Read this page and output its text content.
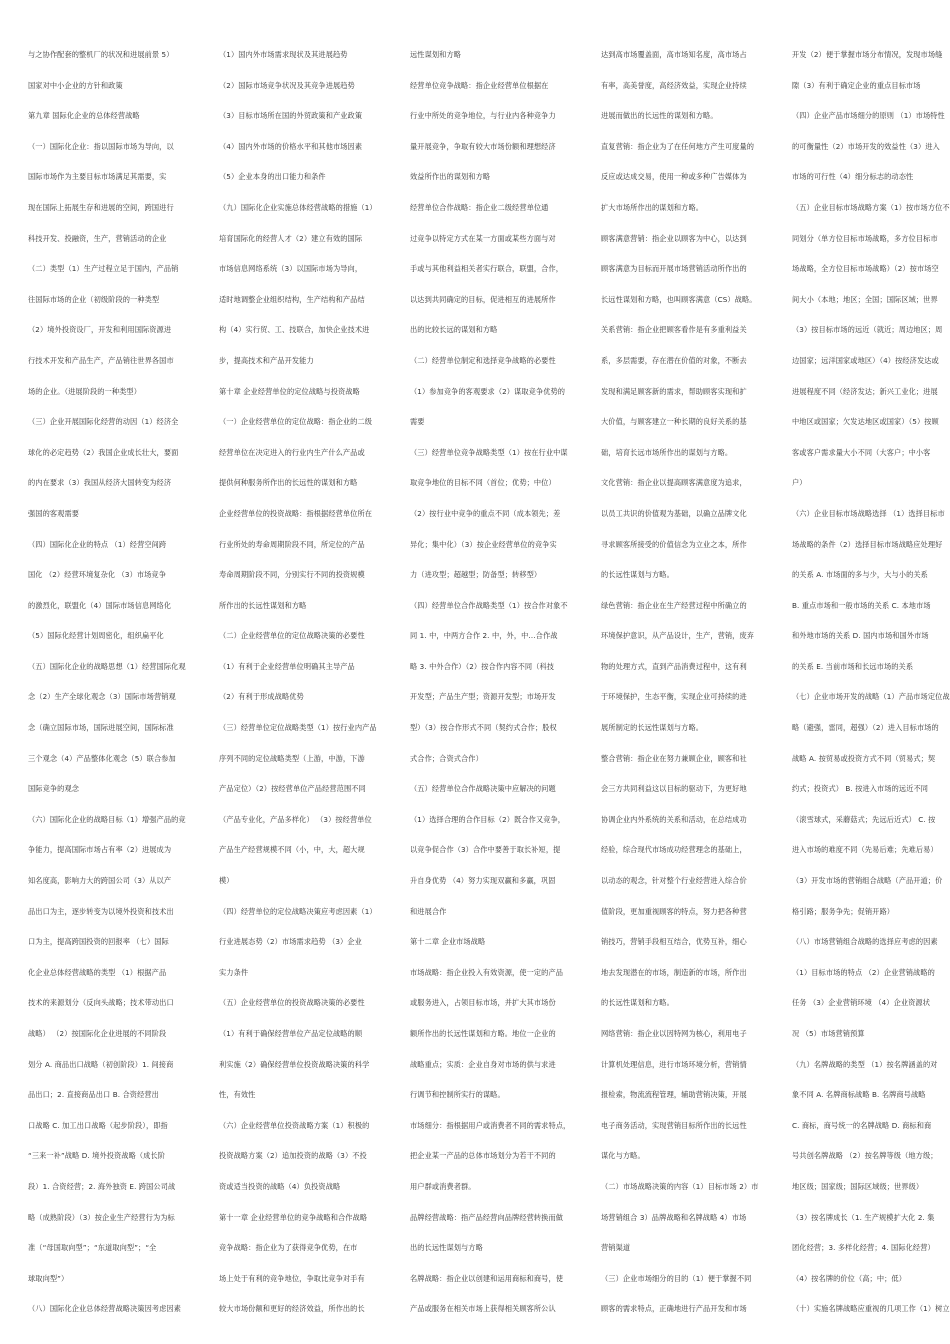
与之协作配套的整机厂的状况和进展前景 5）
国家对中小企业的方针和政策
第九章 国际化企业的总体经营战略
（一）国际化企业：指以国际市场为导向，以
国际市场作为主要目标市场满足其需要，实
现在国际上拓展生存和进展的空间，跨国进行
科技开发、投融资，生产，营销活动的企业
（二）类型（1）生产过程立足于国内，产品销
往国际市场的企业（初级阶段的一种类型
（2）境外投资设厂，开发和利用国际资源进
行技术开发和产品生产，产品销往世界各国市
场的企业。（进展阶段的一种类型）
（三）企业开展国际化经营的动因（1）经济全
球化的必定趋势（2）我国企业成长壮大，要面
的内在要求（3）我国从经济大国转变为经济
强国的客观需要
（四）国际化企业的特点 （1）经营空间跨
国化 （2）经营环境复杂化 （3）市场竞争
的激烈化，联盟化（4）国际市场信息网络化
（5）国际化经营计划周密化，组织扁平化
（五）国际化企业的战略思想（1）经营国际化观
念（2）生产全球化观念（3）国际市场营销观
念（确立国际市场，国际进展空间，国际标准
三个观念（4）产品整体化观念（5）联合参加
国际竞争的观念
（六）国际化企业的战略目标（1）增强产品的竞
争能力，提高国际市场占有率（2）进展成为
知名度高，影响力大的跨国公司（3）从以产
品出口为主，逐步转变为以境外投资和技术出
口为主，提高跨国投资的回报率 （七）国际
化企业总体经营战略的类型 （1）根据产品
技术的来源划分（反向头战略；技术带动出口
战略） （2）按国际化企业进展的不同阶段
划分 A. 商品出口战略（初创阶段）1. 间接商
品出口；2. 直接商品出口 B. 合资经营出
口战略 C. 加工出口战略（起步阶段），即指
“三来一补”战略 D. 境外投资战略（成长阶
段）1. 合资经营；2. 海外独资 E. 跨国公司战
略（成熟阶段）（3）按企业生产经营行为为标
准（“母国取向型”；“东道取向型”；“全
球取向型”）
（八）国际化企业总体经营战略决策因考虑因素
（1）国内外市场需求现状及其进展趋势
（2）国际市场竞争状况及其竞争进展趋势
（3）目标市场所在国的外贸政策和产业政策
（4）国内外市场的价格水平和其他市场因素
（5）企业本身的出口能力和条件
（九）国际化企业实施总体经营战略的措施（1）
培育国际化的经营人才（2）建立有效的国际
市场信息网络系统（3）以国际市场为导向，
适时地调整企业组织结构，生产结构和产品结
构（4）实行贸、工、技联合，加快企业技术进
步，提高技术和产品开发能力
第十章 企业经营单位的定位战略与投资战略
（一）企业经营单位的定位战略：指企业的二级
经营单位在决定进入的行业内生产什么产品或
提供何种服务所作出的长远性的谋划和方略
企业经营单位的投资战略：指根据经营单位所在
行业所处的寿命周期阶段不同，所定位的产品
寿命周期阶段不同，分别实行不同的投资规模
所作出的长远性谋划和方略
（二）企业经营单位的定位战略决策的必要性
（1）有利于企业经营单位明确其主导产品
（2）有利于形成战略优势
（三）经营单位定位战略类型（1）按行业内产品
序列不同的定位战略类型（上游，中游，下游
产品定位）（2）按经营单位产品经营范围不同
（产品专业化，产品多样化） （3）按经营单位
产品生产经营规模不同（小，中，大，超大规
模）
（四）经营单位的定位战略决策应考虑因素（1）
行业进展态势（2）市场需求趋势 （3）企业
实力条件
（五）企业经营单位的投资战略决策的必要性
（1）有利于确保经营单位产品定位战略的顺
利实施（2）确保经营单位投资战略决策的科学
性，有效性
（六）企业经营单位投资战略方案（1）积极的
投资战略方案（2）追加投资的战略（3）不投
资或适当投资的战略（4）负投资战略
第十一章 企业经营单位的竞争战略和合作战略
竞争战略：指企业为了获得竞争优势，在市
场上处于有利的竞争地位，争取比竞争对手有
较大市场份额和更好的经济效益，所作出的长
远性谋划和方略
经营单位竞争战略：指企业经营单位根据在
行业中所处的竞争地位，与行业内各种竞争力
量开展竞争，争取有较大市场份额和理想经济
效益所作出的谋划和方略
经营单位合作战略：指企业二级经营单位通
过竞争以特定方式在某一方面或某些方面与对
手或与其他利益相关者实行联合，联盟，合作，
以达到共同确定的目标，促进相互的进展所作
出的比较长远的谋划和方略
（二）经营单位制定和选择竞争战略的必要性
（1）参加竞争的客观要求（2）谋取竞争优势的
需要
（三）经营单位竞争战略类型（1）按在行业中谋
取竞争地位的目标不同（首位；优势；中位）
（2）按行业中竞争的重点不同（成本领先；差
异化；集中化）（3）按企业经营单位的竞争实
力（进攻型；超越型；防备型；转移型）
（四）经营单位合作战略类型（1）按合作对象不
同 1. 中，中两方合作 2. 中，外，中…合作战
略 3. 中外合作）（2）按合作内容不同（科技
开发型；产品生产型；资源开发型；市场开发
型）（3）按合作形式不同（契约式合作；股权
式合作；合资式合作）
（五）经营单位合作战略决策中应解决的问题
（1）选择合理的合作目标（2）既合作又竞争，
以竞争促合作（3）合作中要善于取长补短，提
升自身优势 （4）努力实现双赢和多赢，巩固
和进展合作
第十二章 企业市场战略
市场战略：指企业投入有效资源，使一定的产品
或服务进入，占领目标市场，并扩大其市场份
额所作出的长远性谋划和方略。地位一企业的
战略重点；实质：企业自身对市场的供与求进
行调节和控制所实行的谋略。
市场细分：指根据用户或消费者不同的需求特点，
把企业某一产品的总体市场划分为若干不同的
用户群或消费者群。
品牌经营战略：指产品经营向品牌经营转换而做
出的长远性谋划与方略
名牌战略：指企业以创建和运用商标和商号，使
产品或服务在相关市场上获得相关顾客所公认
达到高市场覆盖面，高市场知名度，高市场占
有率，高美誉度，高经济效益，实现企业持续
进展而做出的长远性的谋划和方略。
直复营销：指企业为了在任何地方产生可度量的
反应或达成交易，使用一种或多种广告媒体为
扩大市场所作出的谋划和方略。
顾客满意营销：指企业以顾客为中心，以达到
顾客满意为目标而开展市场营销活动所作出的
长远性谋划和方略，也叫顾客满意（CS）战略。
关系营销：指企业把顾客看作是有多重利益关
系，多层需要，存在潜在价值的对象，不断去
发现和满足顾客新的需求，帮助顾客实现和扩
大价值，与顾客建立一种长期的良好关系的基
础，培育长远市场所作出的谋划与方略。
文化营销：指企业以提高顾客满意度为追求，
以员工共识的价值观为基础，以确立品牌文化
寻求顾客所接受的价值信念为立业之本，所作
的长远性谋划与方略。
绿色营销：指企业在生产经营过程中所确立的
环境保护意识，从产品设计，生产，营销，废弃
物的处理方式，直到产品消费过程中，这有利
于环境保护，生态平衡，实现企业可持续的进
展所制定的长远性谋划与方略。
整合营销：指企业在努力兼顾企业，顾客和社
会三方共同利益这以目标的驱动下，为更好地
协调企业内外系统的关系和活动，在总结成功
经验，综合现代市场成功经营理念的基础上，
以动态的观念，针对整个行业经营进入综合价
值阶段，更加重视顾客的特点，努力把各种营
销技巧，营销手段相互结合，优势互补，细心
地去发现潜在的市场，制造新的市场，所作出
的长远性谋划和方略。
网络营销：指企业以因特网为核心，利用电子
计算机处理信息，进行市场环境分析，营销情
报检索，物流流程管理，辅助营销决策，开展
电子商务活动，实现营销目标所作出的长远性
谋化与方略。
（二）市场战略决策的内容（1）目标市场 2）市
场营销组合 3）品牌战略和名牌战略 4）市场
营销渠道
（三）企业市场细分的目的（1）便于掌握不同
顾客的需求特点，正确地进行产品开发和市场
开发（2）便于掌握市场分布情况，发现市场缝
隙（3）有利于确定企业的重点目标市场
（四）企业产品市场细分的原则 （1）市场特性
的可衡量性（2）市场开发的效益性（3）进入
市场的可行性（4）细分标志的动态性
（五）企业目标市场战略方案（1）按市场方位不
同划分（单方位目标市场战略，多方位目标市
场战略，全方位目标市场战略）（2）按市场空
间大小（本地；地区；全国；国际区域；世界
（3）按目标市场的远近（就近；周边地区；周
边国家；远洋国家或地区）（4）按经济发达或
进展程度不同（经济发达；新兴工业化；进展
中地区或国家；欠发达地区或国家）（5）按顾
客或客户需求量大小不同（大客户；中小客
户）
（六）企业目标市场战略选择 （1）选择目标市
场战略的条件（2）选择目标市场战略应处理好
的关系 A. 市场面的多与少，大与小的关系
B. 重点市场和一般市场的关系 C. 本地市场
和外地市场的关系 D. 国内市场和国外市场
的关系 E. 当前市场和长远市场的关系
（七）企业市场开发的战略（1）产品市场定位战
略（避强，雷同，超强）（2）进入目标市场的
战略 A. 按贸易或投资方式不同（贸易式；契
约式；投资式） B. 按进入市场的远近不同
（滚雪球式，采蘑菇式；先远后近式） C. 按
进入市场的难度不同（先易后难；先难后易）
（3）开发市场的营销组合战略（产品开道；价
格引路；服务争先；促销开路）
（八）市场营销组合战略的选择应考虑的因素
（1）目标市场的特点 （2）企业营销战略的
任务 （3）企业营销环境 （4）企业资源状
况 （5）市场营销预算
（九）名牌战略的类型 （1）按名牌涵盖的对
象不同 A. 名牌商标战略 B. 名牌商号战略
C. 商标，商号统一的名牌战略 D. 商标和商
号共创名牌战略 （2）按名牌等级（地方级；
地区级；国家级；国际区域级；世界级）
（3）按名牌成长（1. 生产规模扩大化 2. 集
团化经营；3. 多样化经营；4. 国际化经营）
（4）按名牌的价位（高；中；低）
（十）实施名牌战略应重视的几项工作（1）树立
